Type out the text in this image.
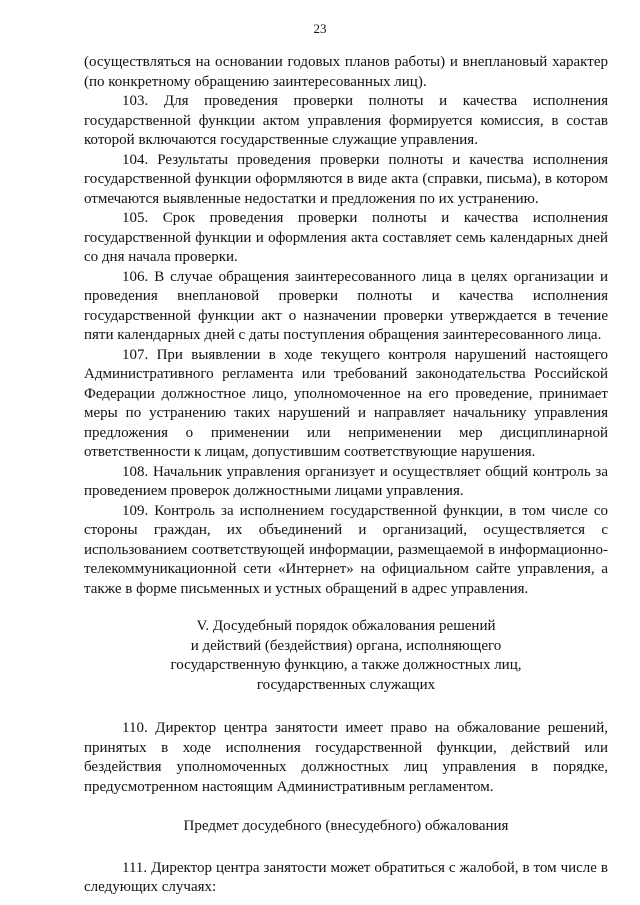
23

(осуществляться на основании годовых планов работы) и внеплановый характер (по конкретному обращению заинтересованных лиц).

103. Для проведения проверки полноты и качества исполнения государственной функции актом управления формируется комиссия, в состав которой включаются государственные служащие управления.

104. Результаты проведения проверки полноты и качества исполнения государственной функции оформляются в виде акта (справки, письма), в котором отмечаются выявленные недостатки и предложения по их устранению.

105. Срок проведения проверки полноты и качества исполнения государственной функции и оформления акта составляет семь календарных дней со дня начала проверки.

106. В случае обращения заинтересованного лица в целях организации и проведения внеплановой проверки полноты и качества исполнения государственной функции акт о назначении проверки утверждается в течение пяти календарных дней с даты поступления обращения заинтересованного лица.

107. При выявлении в ходе текущего контроля нарушений настоящего Административного регламента или требований законодательства Российской Федерации должностное лицо, уполномоченное на его проведение, принимает меры по устранению таких нарушений и направляет начальнику управления предложения о применении или неприменении мер дисциплинарной ответственности к лицам, допустившим соответствующие нарушения.

108. Начальник управления организует и осуществляет общий контроль за проведением проверок должностными лицами управления.

109. Контроль за исполнением государственной функции, в том числе со стороны граждан, их объединений и организаций, осуществляется с использованием соответствующей информации, размещаемой в информационно-телекоммуникационной сети «Интернет» на официальном сайте управления, а также в форме письменных и устных обращений в адрес управления.

V. Досудебный порядок обжалования решений
и действий (бездействия) органа, исполняющего
государственную функцию, а также должностных лиц,
государственных служащих

110. Директор центра занятости имеет право на обжалование решений, принятых в ходе исполнения государственной функции, действий или бездействия уполномоченных должностных лиц управления в порядке, предусмотренном настоящим Административным регламентом.

Предмет досудебного (внесудебного) обжалования

111. Директор центра занятости может обратиться с жалобой, в том числе в следующих случаях:
